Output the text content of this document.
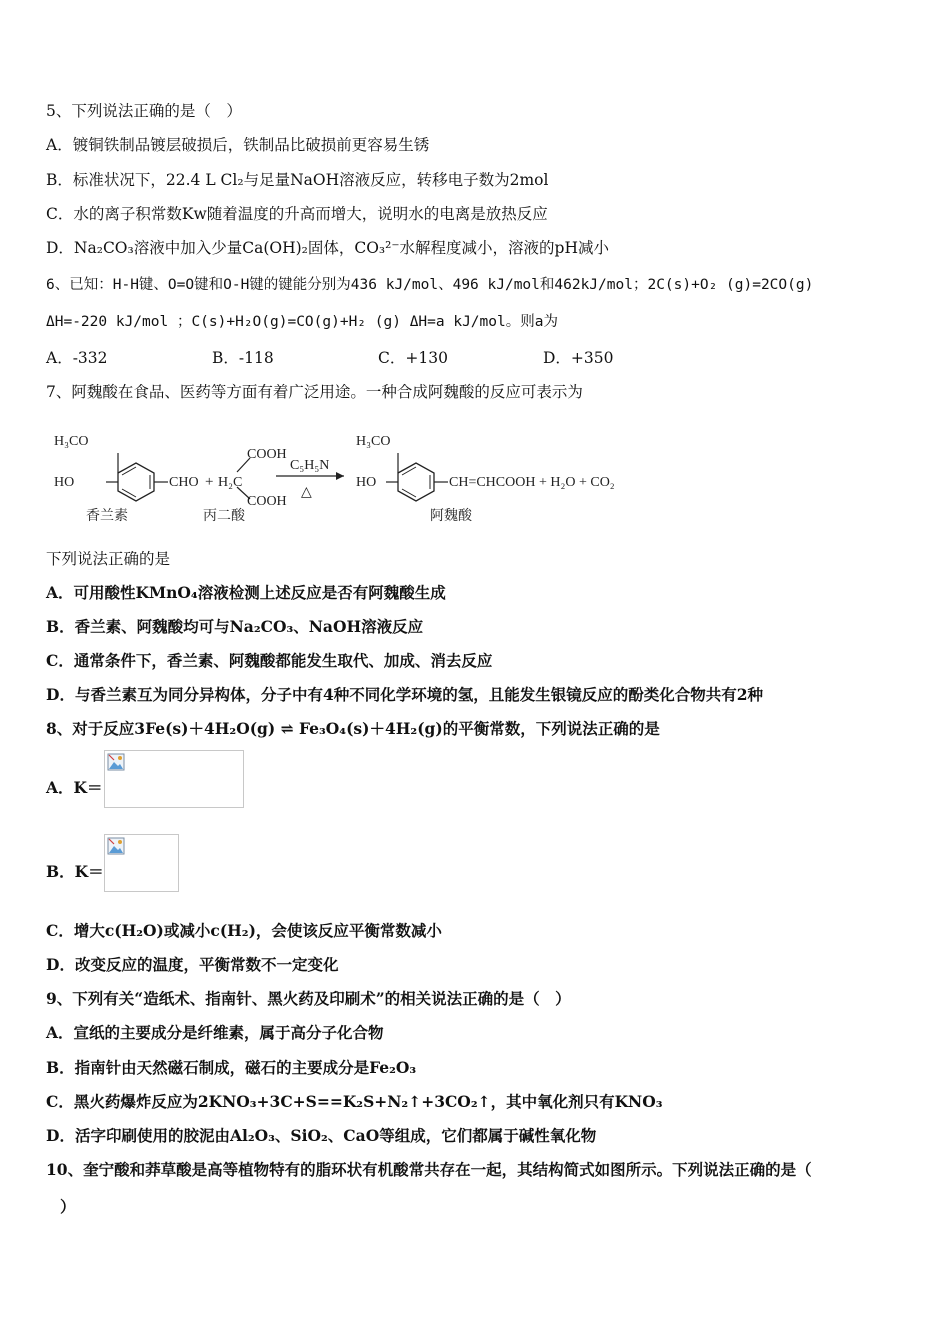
5、下列说法正确的是（　）
A．镀铜铁制品镀层破损后，铁制品比破损前更容易生锈
B．标准状况下，22.4 L Cl₂与足量NaOH溶液反应，转移电子数为2mol
C．水的离子积常数Kw随着温度的升高而增大，说明水的电离是放热反应
D．Na₂CO₃溶液中加入少量Ca(OH)₂固体，CO₃²⁻水解程度减小，溶液的pH减小
6、已知：H-H键、O=O键和O-H键的键能分别为436 kJ/mol、496 kJ/mol和462kJ/mol；2C(s)+O₂ (g)=2CO(g)
ΔH=-220 kJ/mol ；C(s)+H₂O(g)=CO(g)+H₂ (g) ΔH=a kJ/mol。则a为
A．-332	B．-118	C．+130	D．+350
7、阿魏酸在食品、医药等方面有着广泛用途。一种合成阿魏酸的反应可表示为
H₃CO
HO	CHO
香兰素
+ H₂C
COOH
COOH
丙二酸
C₅H₅N
△
H₃CO
HO	CH=CHCOOH + H₂O + CO₂
阿魏酸
下列说法正确的是
A．可用酸性KMnO₄溶液检测上述反应是否有阿魏酸生成
B．香兰素、阿魏酸均可与Na₂CO₃、NaOH溶液反应
C．通常条件下，香兰素、阿魏酸都能发生取代、加成、消去反应
D．与香兰素互为同分异构体，分子中有4种不同化学环境的氢，且能发生银镜反应的酚类化合物共有2种
8、对于反应3Fe(s)＋4H₂O(g) ⇌ Fe₃O₄(s)＋4H₂(g)的平衡常数，下列说法正确的是
A．K＝
B．K＝
C．增大c(H₂O)或减小c(H₂)，会使该反应平衡常数减小
D．改变反应的温度，平衡常数不一定变化
9、下列有关“造纸术、指南针、黑火药及印刷术”的相关说法正确的是（　）
A．宣纸的主要成分是纤维素，属于高分子化合物
B．指南针由天然磁石制成，磁石的主要成分是Fe₂O₃
C．黑火药爆炸反应为2KNO₃+3C+S==K₂S+N₂↑+3CO₂↑，其中氧化剂只有KNO₃
D．活字印刷使用的胶泥由Al₂O₃、SiO₂、CaO等组成，它们都属于碱性氧化物
10、奎宁酸和莽草酸是高等植物特有的脂环状有机酸常共存在一起，其结构简式如图所示。下列说法正确的是（
）
